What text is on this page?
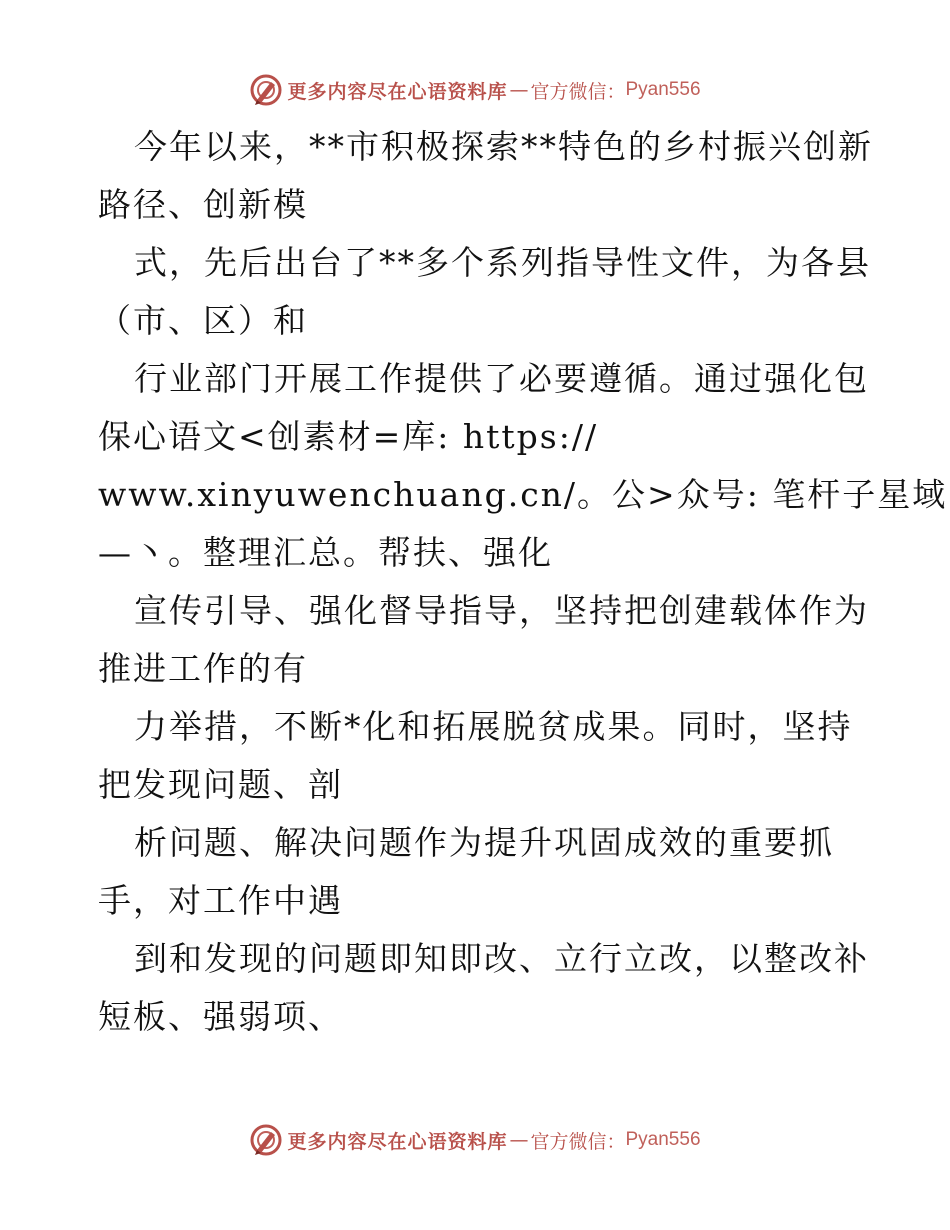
更多内容尽在心语资料库 — 官方微信： Pyan556
今年以来，**市积极探索**特色的乡村振兴创新
路径、创新模
式，先后出台了**多个系列指导性文件，为各县
（市、区）和
行业部门开展工作提供了必要遵循。通过强化包
保心语文<创素材=库: https://
www.xinyuwenchuang.cn/。公>众号: 笔杆子星域
—丶。整理汇总。帮扶、强化
宣传引导、强化督导指导，坚持把创建载体作为
推进工作的有
力举措，不断*化和拓展脱贫成果。同时，坚持
把发现问题、剖
析问题、解决问题作为提升巩固成效的重要抓
手，对工作中遇
到和发现的问题即知即改、立行立改，以整改补
短板、强弱项、
更多内容尽在心语资料库 — 官方微信： Pyan556
